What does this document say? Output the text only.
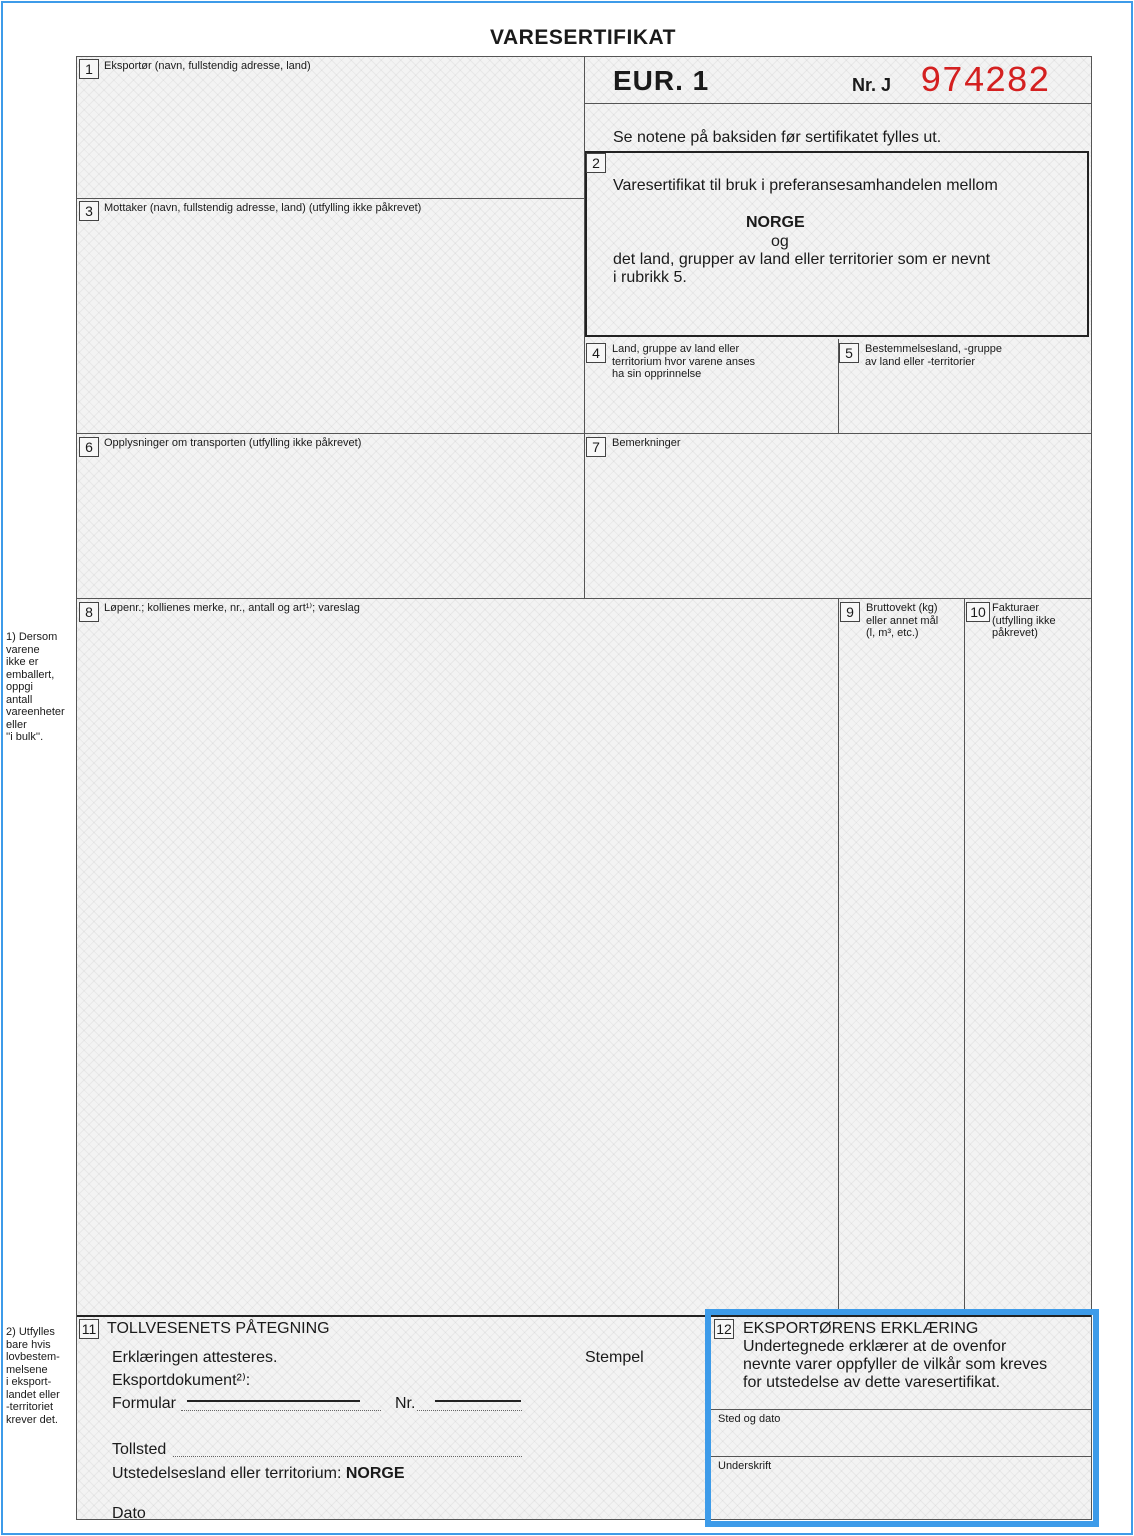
VARESERTIFIKAT
1) Dersom
varene
ikke er
emballert,
oppgi
antall
vareenheter
eller
''i bulk''.
2) Utfylles
bare hvis
lovbestem-
melsene
i eksport-
landet eller
-territoriet
krever det.
1	Eksportør (navn, fullstendig adresse, land)	EUR. 1	Nr. J 974282
Se notene på baksiden før sertifikatet fylles ut.
2
Varesertifikat til bruk i preferansesamhandelen mellom
NORGE
og
det land, grupper av land eller territorier som er nevnt
i rubrikk 5.
3	Mottaker (navn, fullstendig adresse, land) (utfylling ikke påkrevet)
4	Land, gruppe av land eller
territorium hvor varene anses
ha sin opprinnelse
5	Bestemmelsesland, -gruppe
av land eller -territorier
6	Opplysninger om transporten (utfylling ikke påkrevet)	7	Bemerkninger
8	Løpenr.; kollienes merke, nr., antall og art¹⁾; vareslag	9	Bruttovekt (kg)
eller annet mål
(l, m³, etc.)
10 Fakturaer
(utfylling ikke
påkrevet)
11 TOLLVESENETS PÅTEGNING
Erklæringen attesteres.
Eksportdokument²⁾:
Formular	Nr.
Stempel
Tollsted
Utstedelsesland eller territorium: NORGE
Dato
12 EKSPORTØRENS ERKLÆRING
Undertegnede erklærer at de ovenfor
nevnte varer oppfyller de vilkår som kreves
for utstedelse av dette varesertifikat.
Sted og dato
Underskrift
